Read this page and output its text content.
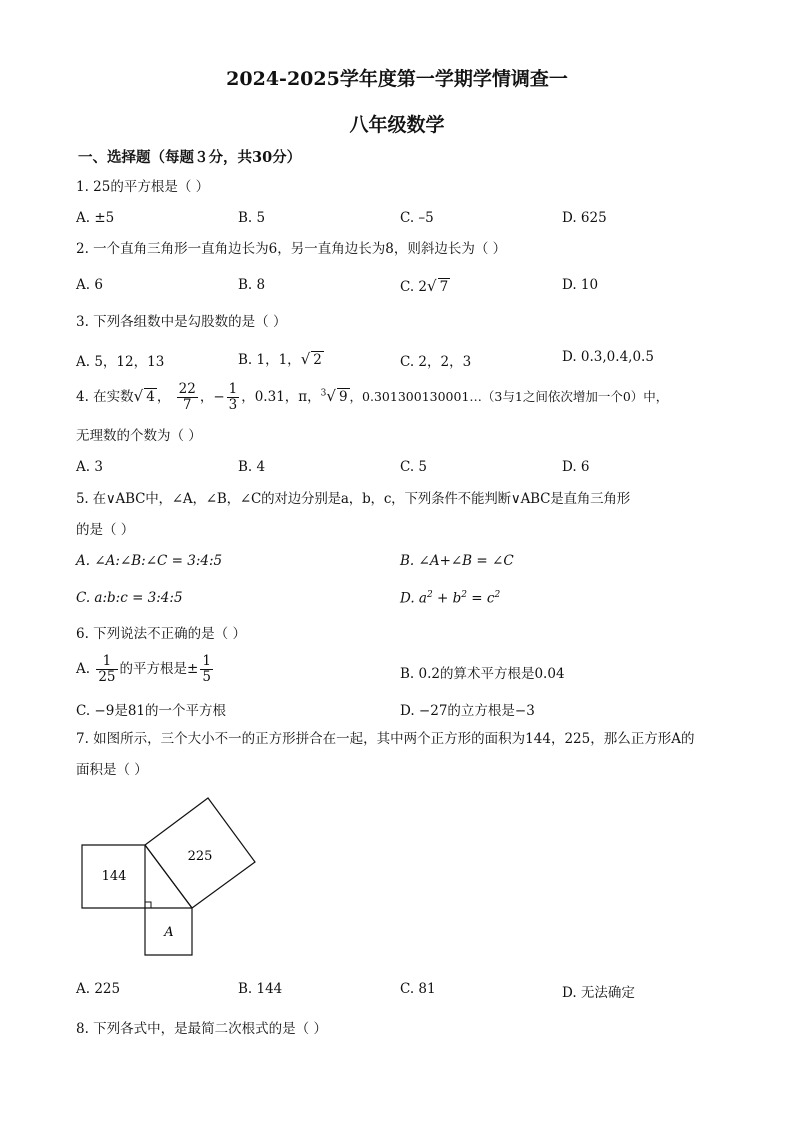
2024-2025学年度第一学期学情调查一
八年级数学
一、选择题（每题３分，共30分）
1. 25的平方根是（ ）
A. ±5	B. 5	C. –5	D. 625
2. 一个直角三角形一直角边长为6，另一直角边长为8，则斜边长为（ ）
A. 6	B. 8	C. 2√ 7	D. 10
3. 下列各组数中是勾股数的是（ ）
A. 5，12，13	B. 1，1，√ 2	C. 2，2，3	D. 0.3,0.4,0.5
4. 在实数√ 4 ， $\frac{22}{7}$ ，− $\frac{1}{3}$ ，0.31，π，$^3$√ 9 ，0.301300130001…（3与1之间依次增加一个0）中，
无理数的个数为（ ）
A. 3	B. 4	C. 5	D. 6
5. 在∨ABC中，∠A，∠B，∠C的对边分别是a，b，c，下列条件不能判断∨ABC是直角三角形
的是（ ）
A. ∠A:∠B:∠C = 3:4:5	B. ∠A+∠B = ∠C
C. a:b:c = 3:4:5	D. $a^2 + b^2 = c^2$
6. 下列说法不正确的是（ ）
A. $\frac{1}{25}$ 的平方根是± $\frac{1}{5}$	B. 0.2的算术平方根是0.04
C. −9是81的一个平方根	D. −27的立方根是−3
7. 如图所示，三个大小不一的正方形拼合在一起，其中两个正方形的面积为144，225，那么正方形A的
面积是（ ）
144
225
A
A. 225	B. 144	C. 81	D. 无法确定
8. 下列各式中，是最简二次根式的是（ ）
